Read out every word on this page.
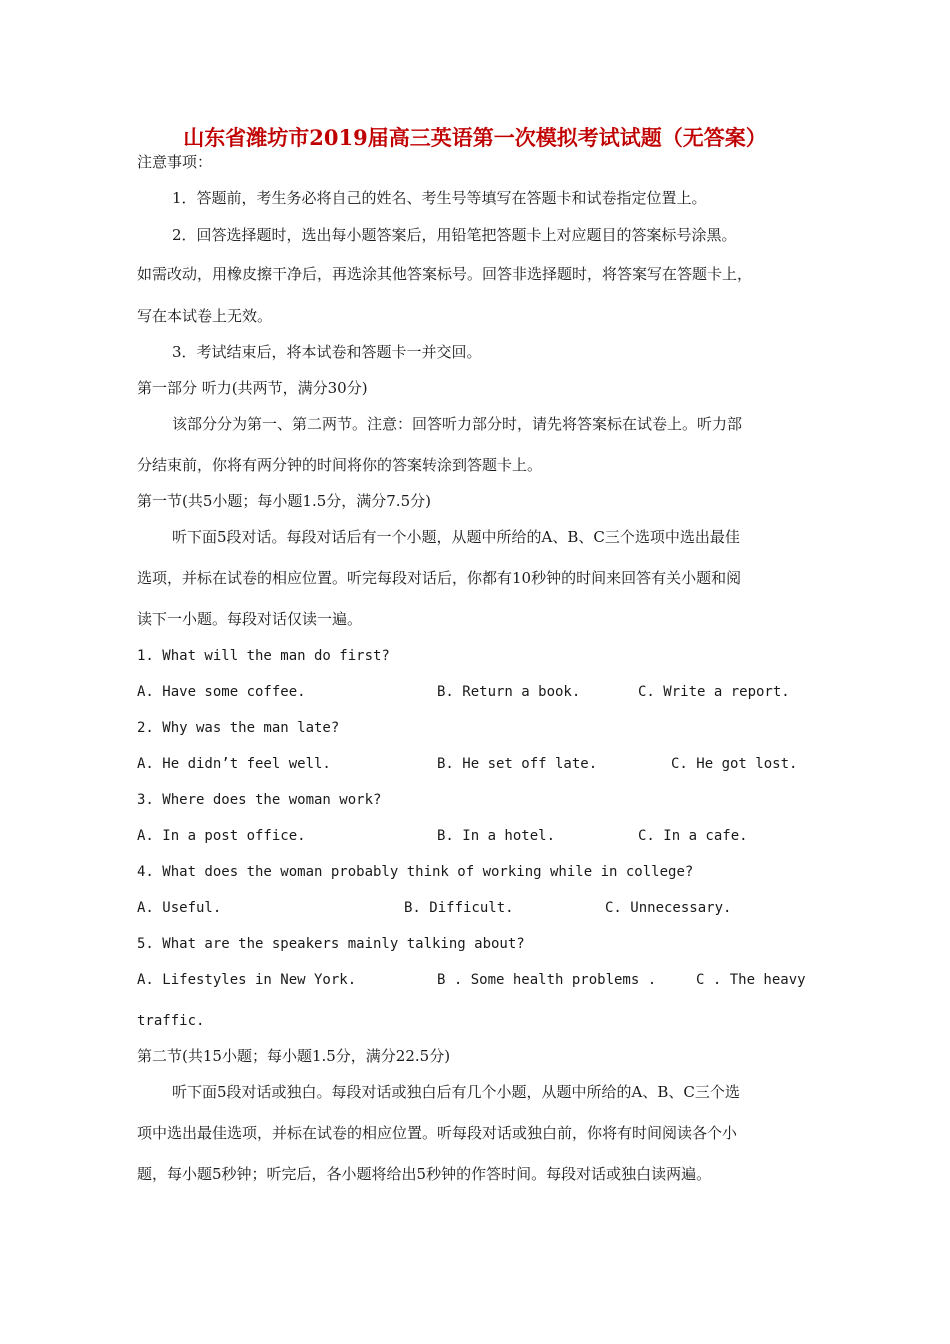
山东省潍坊市2019届高三英语第一次模拟考试试题（无答案）
注意事项：
1．答题前，考生务必将自己的姓名、考生号等填写在答题卡和试卷指定位置上。
2．回答选择题时，选出每小题答案后，用铅笔把答题卡上对应题目的答案标号涂黑。
如需改动，用橡皮擦干净后，再选涂其他答案标号。回答非选择题时，将答案写在答题卡上，
写在本试卷上无效。
3．考试结束后，将本试卷和答题卡一并交回。
第一部分 听力(共两节，满分30分)
该部分分为第一、第二两节。注意：回答听力部分时，请先将答案标在试卷上。听力部
分结束前，你将有两分钟的时间将你的答案转涂到答题卡上。
第一节(共5小题；每小题1.5分，满分7.5分)
听下面5段对话。每段对话后有一个小题，从题中所给的A、B、C三个选项中选出最佳
选项，并标在试卷的相应位置。听完每段对话后，你都有10秒钟的时间来回答有关小题和阅
读下一小题。每段对话仅读一遍。
1. What will the man do first?
A. Have some coffee.	B. Return a book.	C. Write a report.
2. Why was the man late?
A. He didn’t feel well.	B. He set off late.	C. He got lost.
3. Where does the woman work?
A. In a post office.	B. In a hotel.	C. In a cafe.
4. What does the woman probably think of working while in college?
A. Useful.	B. Difficult.	C. Unnecessary.
5. What are the speakers mainly talking about?
A. Lifestyles in New York.	B . Some health problems .	C . The heavy
traffic.
第二节(共15小题；每小题1.5分，满分22.5分)
听下面5段对话或独白。每段对话或独白后有几个小题，从题中所给的A、B、C三个选
项中选出最佳选项，并标在试卷的相应位置。听每段对话或独白前，你将有时间阅读各个小
题，每小题5秒钟；听完后，各小题将给出5秒钟的作答时间。每段对话或独白读两遍。
